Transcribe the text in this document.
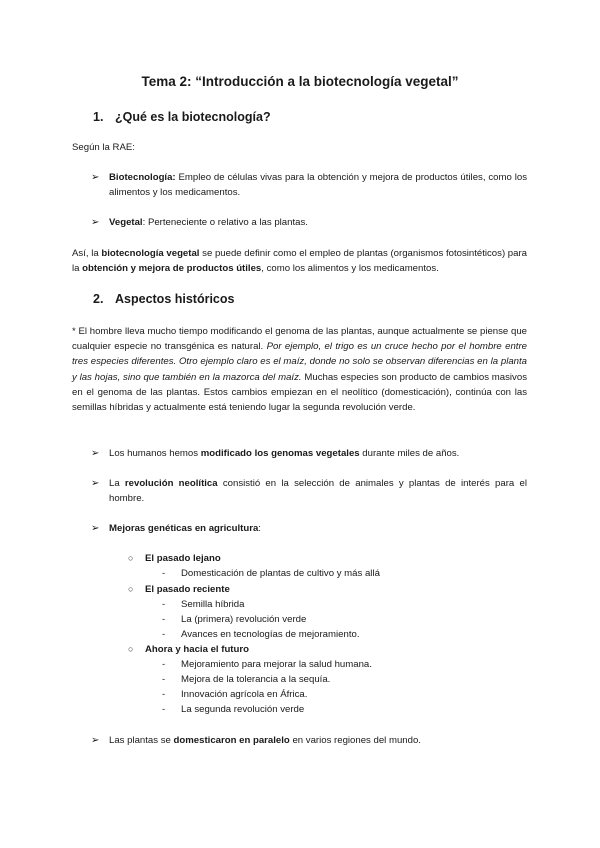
Tema 2: “Introducción a la biotecnología vegetal”
1. ¿Qué es la biotecnología?
Según la RAE:
➢ Biotecnología: Empleo de células vivas para la obtención y mejora de productos útiles, como los alimentos y los medicamentos.
➢ Vegetal: Perteneciente o relativo a las plantas.
Así, la biotecnología vegetal se puede definir como el empleo de plantas (organismos fotosintéticos) para la obtención y mejora de productos útiles, como los alimentos y los medicamentos.
2. Aspectos históricos
* El hombre lleva mucho tiempo modificando el genoma de las plantas, aunque actualmente se piense que cualquier especie no transgénica es natural. Por ejemplo, el trigo es un cruce hecho por el hombre entre tres especies diferentes. Otro ejemplo claro es el maíz, donde no solo se observan diferencias en la planta y las hojas, sino que también en la mazorca del maíz. Muchas especies son producto de cambios masivos en el genoma de las plantas. Estos cambios empiezan en el neolítico (domesticación), continúa con las semillas híbridas y actualmente está teniendo lugar la segunda revolución verde.
➢ Los humanos hemos modificado los genomas vegetales durante miles de años.
➢ La revolución neolítica consistió en la selección de animales y plantas de interés para el hombre.
➢ Mejoras genéticas en agricultura:
○ El pasado lejano
- Domesticación de plantas de cultivo y más allá
○ El pasado reciente
- Semilla híbrida
- La (primera) revolución verde
- Avances en tecnologías de mejoramiento.
○ Ahora y hacia el futuro
- Mejoramiento para mejorar la salud humana.
- Mejora de la tolerancia a la sequía.
- Innovación agrícola en África.
- La segunda revolución verde
➢ Las plantas se domesticaron en paralelo en varios regiones del mundo.
